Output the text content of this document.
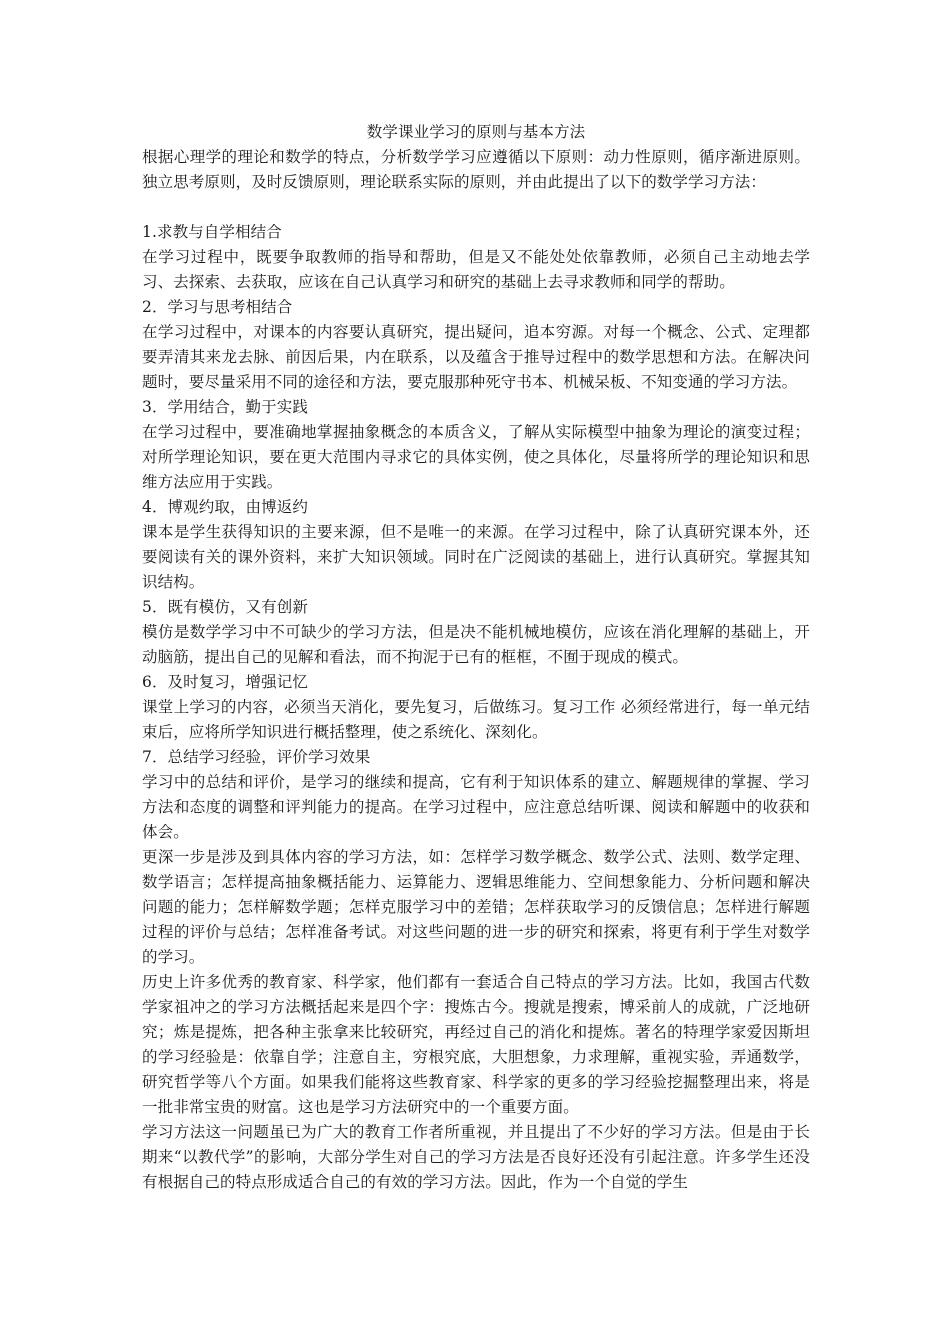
数学课业学习的原则与基本方法

根据心理学的理论和数学的特点，分析数学学习应遵循以下原则：动力性原则，循序渐进原则。独立思考原则，及时反馈原则，理论联系实际的原则，并由此提出了以下的数学学习方法：

1.求教与自学相结合

在学习过程中，既要争取教师的指导和帮助，但是又不能处处依靠教师，必须自己主动地去学习、去探索、去获取，应该在自己认真学习和研究的基础上去寻求教师和同学的帮助。

2．学习与思考相结合

在学习过程中，对课本的内容要认真研究，提出疑问，追本穷源。对每一个概念、公式、定理都要弄清其来龙去脉、前因后果，内在联系，以及蕴含于推导过程中的数学思想和方法。在解决问题时，要尽量采用不同的途径和方法，要克服那种死守书本、机械呆板、不知变通的学习方法。

3．学用结合，勤于实践

在学习过程中，要准确地掌握抽象概念的本质含义，了解从实际模型中抽象为理论的演变过程；对所学理论知识，要在更大范围内寻求它的具体实例，使之具体化，尽量将所学的理论知识和思维方法应用于实践。

4．博观约取，由博返约

课本是学生获得知识的主要来源，但不是唯一的来源。在学习过程中，除了认真研究课本外，还要阅读有关的课外资料，来扩大知识领域。同时在广泛阅读的基础上，进行认真研究。掌握其知识结构。

5．既有模仿，又有创新

模仿是数学学习中不可缺少的学习方法，但是决不能机械地模仿，应该在消化理解的基础上，开动脑筋，提出自己的见解和看法，而不拘泥于已有的框框，不囿于现成的模式。

6．及时复习，增强记忆

课堂上学习的内容，必须当天消化，要先复习，后做练习。复习工作 必须经常进行，每一单元结束后，应将所学知识进行概括整理，使之系统化、深刻化。

7．总结学习经验，评价学习效果

学习中的总结和评价，是学习的继续和提高，它有利于知识体系的建立、解题规律的掌握、学习方法和态度的调整和评判能力的提高。在学习过程中，应注意总结听课、阅读和解题中的收获和体会。

更深一步是涉及到具体内容的学习方法，如：怎样学习数学概念、数学公式、法则、数学定理、数学语言；怎样提高抽象概括能力、运算能力、逻辑思维能力、空间想象能力、分析问题和解决问题的能力；怎样解数学题；怎样克服学习中的差错；怎样获取学习的反馈信息；怎样进行解题过程的评价与总结；怎样准备考试。对这些问题的进一步的研究和探索，将更有利于学生对数学的学习。

历史上许多优秀的教育家、科学家，他们都有一套适合自己特点的学习方法。比如，我国古代数学家祖冲之的学习方法概括起来是四个字：搜炼古今。搜就是搜索，博采前人的成就，广泛地研究；炼是提炼，把各种主张拿来比较研究，再经过自己的消化和提炼。著名的特理学家爱因斯坦的学习经验是：依靠自学；注意自主，穷根究底，大胆想象，力求理解，重视实验，弄通数学，研究哲学等八个方面。如果我们能将这些教育家、科学家的更多的学习经验挖掘整理出来，将是一批非常宝贵的财富。这也是学习方法研究中的一个重要方面。

学习方法这一问题虽已为广大的教育工作者所重视，并且提出了不少好的学习方法。但是由于长期来“以教代学”的影响，大部分学生对自己的学习方法是否良好还没有引起注意。许多学生还没有根据自己的特点形成适合自己的有效的学习方法。因此，作为一个自觉的学生
